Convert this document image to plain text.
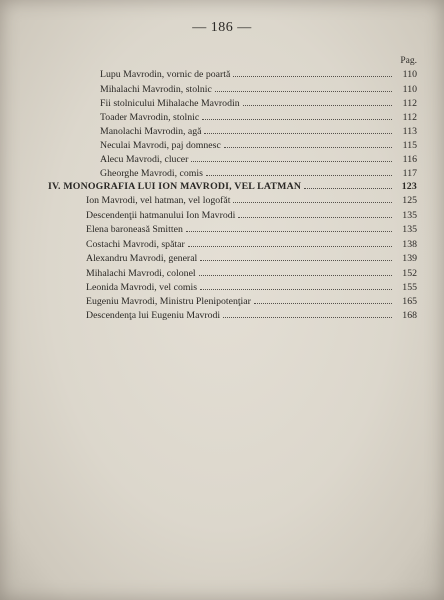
— 186 —
Pag.
Lupu Mavrodin, vornic de poartă	110
Mihalachi Mavrodin, stolnic	110
Fii stolnicului Mihalache Mavrodin	112
Toader Mavrodin, stolnic	112
Manolachi Mavrodin, agă	113
Neculai Mavrodi, paj domnesc	115
Alecu Mavrodi, clucer	116
Gheorghe Mavrodi, comis	117
IV. MONOGRAFIA LUI ION MAVRODI, VEL LATMAN	123
Ion Mavrodi, vel hatman, vel logofăt	125
Descendenţii hatmanului Ion Mavrodi	135
Elena baroneasă Smitten	135
Costachi Mavrodi, spătar	138
Alexandru Mavrodi, general	139
Mihalachi Mavrodi, colonel	152
Leonida Mavrodi, vel comis	155
Eugeniu Mavrodi, Ministru Plenipotenţiar	165
Descendenţa lui Eugeniu Mavrodi	168
